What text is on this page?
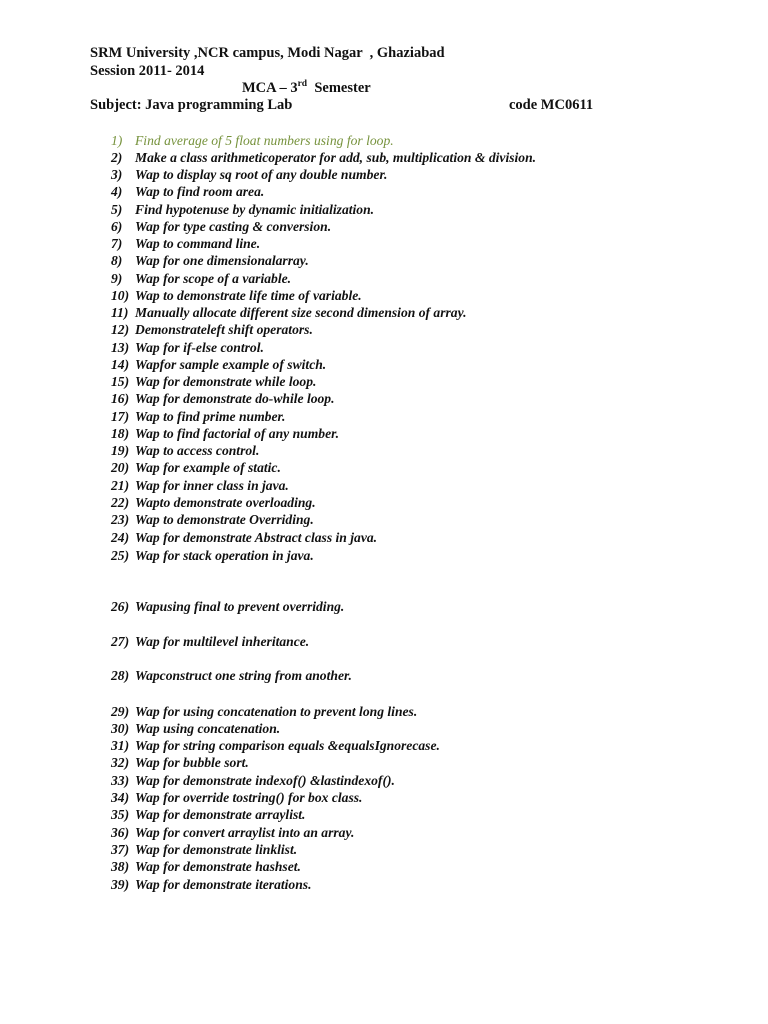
SRM University ,NCR campus, Modi Nagar  , Ghaziabad
Session 2011- 2014
MCA – 3rd  Semester
Subject: Java programming Lab	code MC0611
1) Find average of 5 float numbers using for loop.
2) Make a class arithmeticoperator for add, sub, multiplication & division.
3) Wap to display sq root of any double number.
4) Wap to find room area.
5) Find hypotenuse by dynamic initialization.
6) Wap for type casting & conversion.
7) Wap to command line.
8) Wap for one dimensionalarray.
9) Wap for scope of a variable.
10) Wap to demonstrate life time of variable.
11) Manually allocate different size second dimension of array.
12) Demonstrateleft shift operators.
13) Wap for if-else control.
14) Wapfor sample example of switch.
15) Wap for demonstrate while loop.
16) Wap for demonstrate do-while loop.
17) Wap to find prime number.
18) Wap to find factorial of any number.
19) Wap to access control.
20) Wap for example of static.
21) Wap for inner class in java.
22) Wapto demonstrate overloading.
23) Wap to demonstrate Overriding.
24) Wap for demonstrate Abstract class in java.
25) Wap for stack operation in java.
26) Wapusing final to prevent overriding.
27) Wap for multilevel inheritance.
28) Wapconstruct one string from another.
29) Wap for using concatenation to prevent long lines.
30) Wap using concatenation.
31) Wap for string comparison equals &equalsIgnorecase.
32) Wap for bubble sort.
33) Wap for demonstrate indexof() &lastindexof().
34) Wap for override tostring() for box class.
35) Wap for demonstrate arraylist.
36) Wap for convert arraylist into an array.
37) Wap for demonstrate linklist.
38) Wap for demonstrate hashset.
39) Wap for demonstrate iterations.
